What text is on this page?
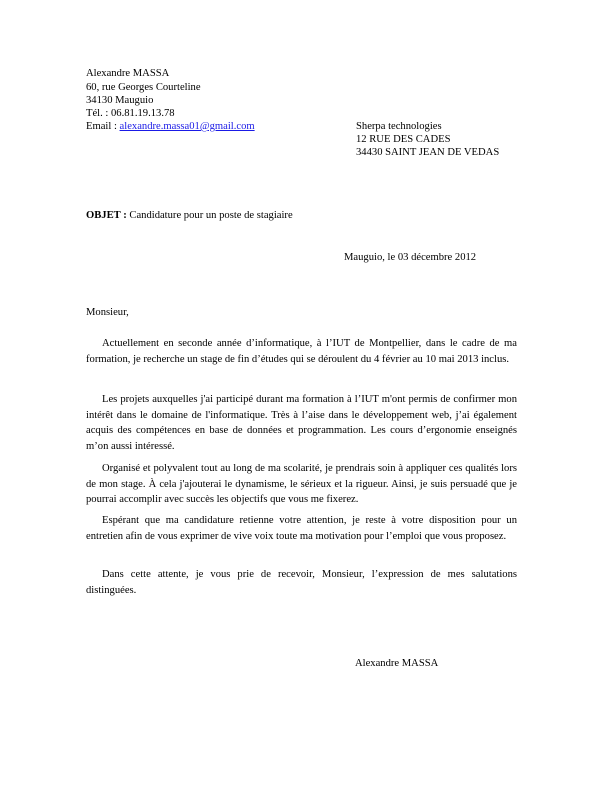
Alexandre MASSA
60, rue Georges Courteline
34130 Mauguio
Tél. : 06.81.19.13.78
Email : alexandre.massa01@gmail.com	Sherpa technologies
12 RUE DES CADES
34430 SAINT JEAN DE VEDAS
OBJET : Candidature pour un poste de stagiaire
Mauguio, le 03 décembre 2012
Monsieur,

Actuellement en seconde année d’informatique, à l’IUT de Montpellier, dans le cadre de ma formation, je recherche un stage de fin d’études qui se déroulent du 4 février au 10 mai 2013 inclus.

Les projets auxquelles j'ai participé durant ma formation à l’IUT m'ont permis de confirmer mon intérêt dans le domaine de l'informatique. Très à l’aise dans le développement web, j’ai également acquis des compétences en base de données et programmation. Les cours d’ergonomie enseignés m’on aussi intéressé.

Organisé et polyvalent tout au long de ma scolarité, je prendrais soin à appliquer ces qualités lors de mon stage. À cela j'ajouterai le dynamisme, le sérieux et la rigueur. Ainsi, je suis persuadé que je pourrai accomplir avec succès les objectifs que vous me fixerez.

Espérant que ma candidature retienne votre attention, je reste à votre disposition pour un entretien afin de vous exprimer de vive voix toute ma motivation pour l’emploi que vous proposez.

Dans cette attente, je vous prie de recevoir, Monsieur, l’expression de mes salutations distinguées.

Alexandre MASSA
